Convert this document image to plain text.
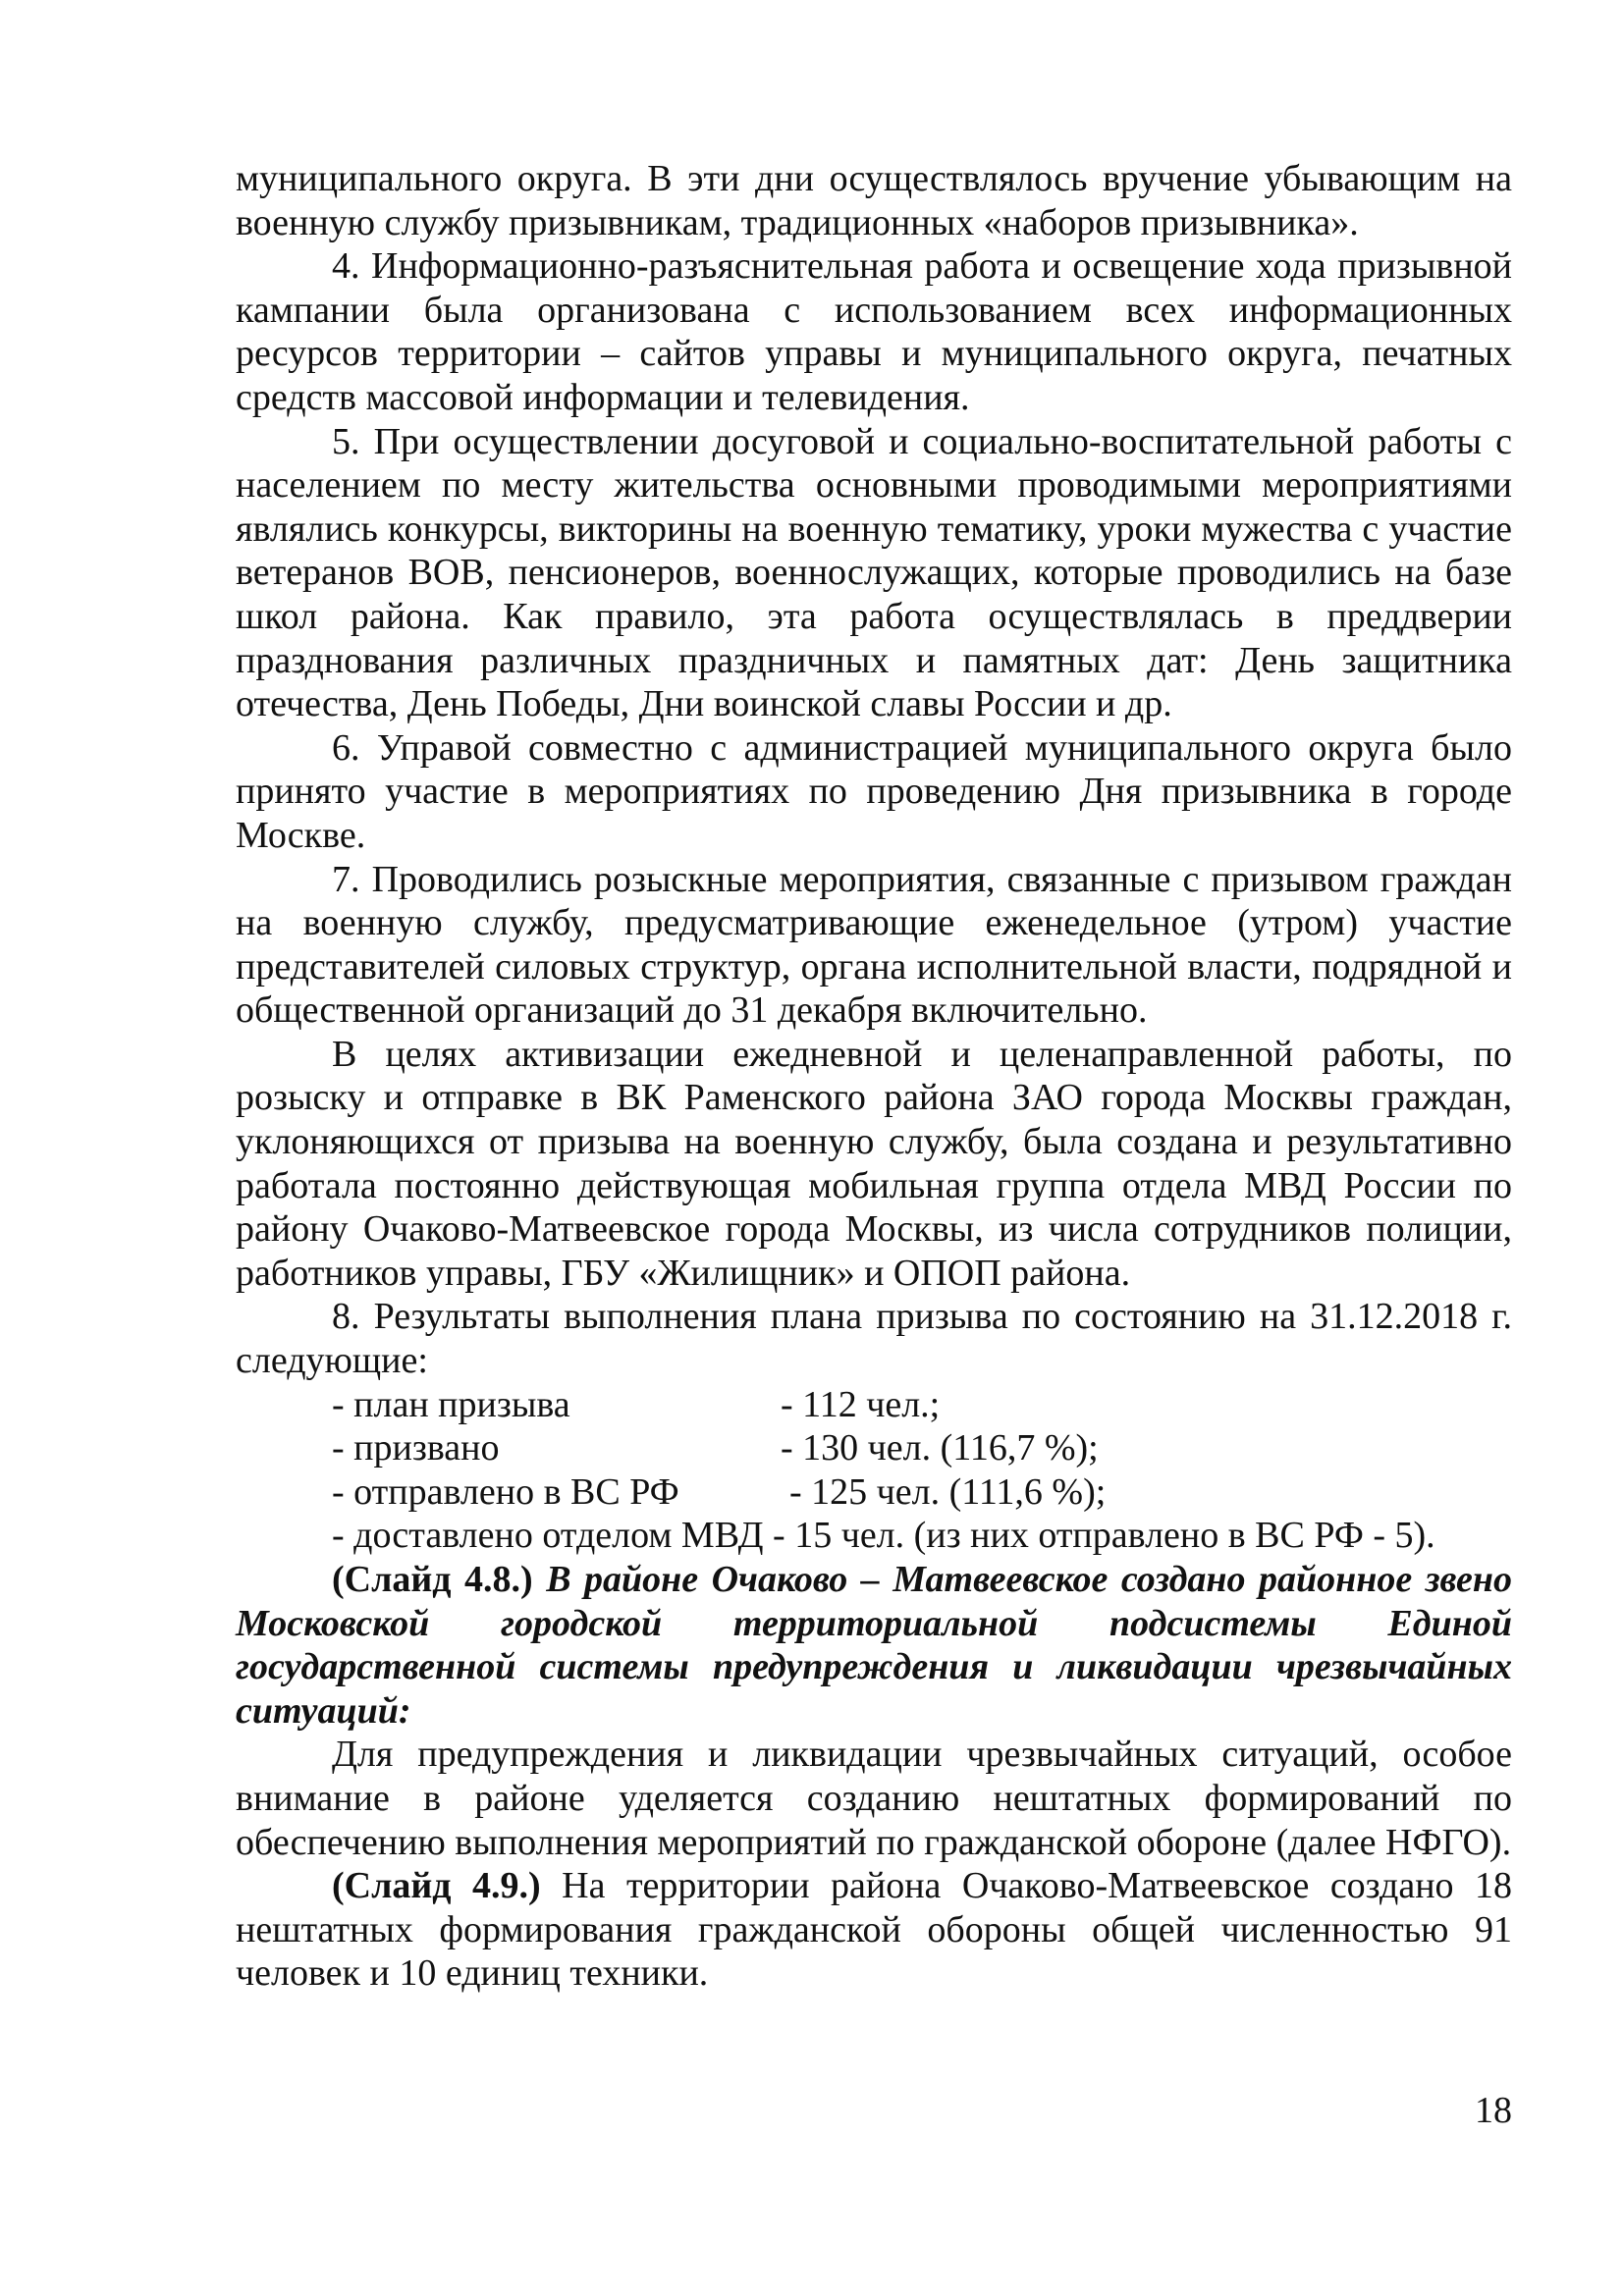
муниципального округа. В эти дни осуществлялось вручение убывающим на военную службу призывникам, традиционных «наборов призывника».

4. Информационно-разъяснительная работа и освещение хода призывной кампании была организована с использованием всех информационных ресурсов территории – сайтов управы и муниципального округа, печатных средств массовой информации и телевидения.

5. При осуществлении досуговой и социально-воспитательной работы с населением по месту жительства основными проводимыми мероприятиями являлись конкурсы, викторины на военную тематику, уроки мужества с участие ветеранов ВОВ, пенсионеров, военнослужащих, которые проводились на базе школ района. Как правило, эта работа осуществлялась в преддверии празднования различных праздничных и памятных дат: День защитника отечества, День Победы, Дни воинской славы России и др.

6. Управой совместно с администрацией муниципального округа было принято участие в мероприятиях по проведению Дня призывника в городе Москве.

7. Проводились розыскные мероприятия, связанные с призывом граждан на военную службу, предусматривающие еженедельное (утром) участие представителей силовых структур, органа исполнительной власти, подрядной и общественной организаций до 31 декабря включительно.

В целях активизации ежедневной и целенаправленной работы, по розыску и отправке в ВК Раменского района ЗАО города Москвы граждан, уклоняющихся от призыва на военную службу, была создана и результативно работала постоянно действующая мобильная группа отдела МВД России по району Очаково-Матвеевское города Москвы, из числа сотрудников полиции, работников управы, ГБУ «Жилищник» и ОПОП района.

8. Результаты выполнения плана призыва по состоянию на 31.12.2018 г. следующие:

- план призыва	- 112 чел.;
- призвано	- 130 чел. (116,7 %);
- отправлено в ВС РФ	- 125 чел. (111,6 %);
- доставлено отделом МВД - 15 чел. (из них отправлено в ВС РФ - 5).

(Слайд 4.8.) В районе Очаково – Матвеевское создано районное звено Московской городской территориальной подсистемы Единой государственной системы предупреждения и ликвидации чрезвычайных ситуаций:

Для предупреждения и ликвидации чрезвычайных ситуаций, особое внимание в районе уделяется созданию нештатных формирований по обеспечению выполнения мероприятий по гражданской обороне (далее НФГО).

(Слайд 4.9.) На территории района Очаково-Матвеевское создано 18 нештатных формирования гражданской обороны общей численностью 91 человек и 10 единиц техники.

18
